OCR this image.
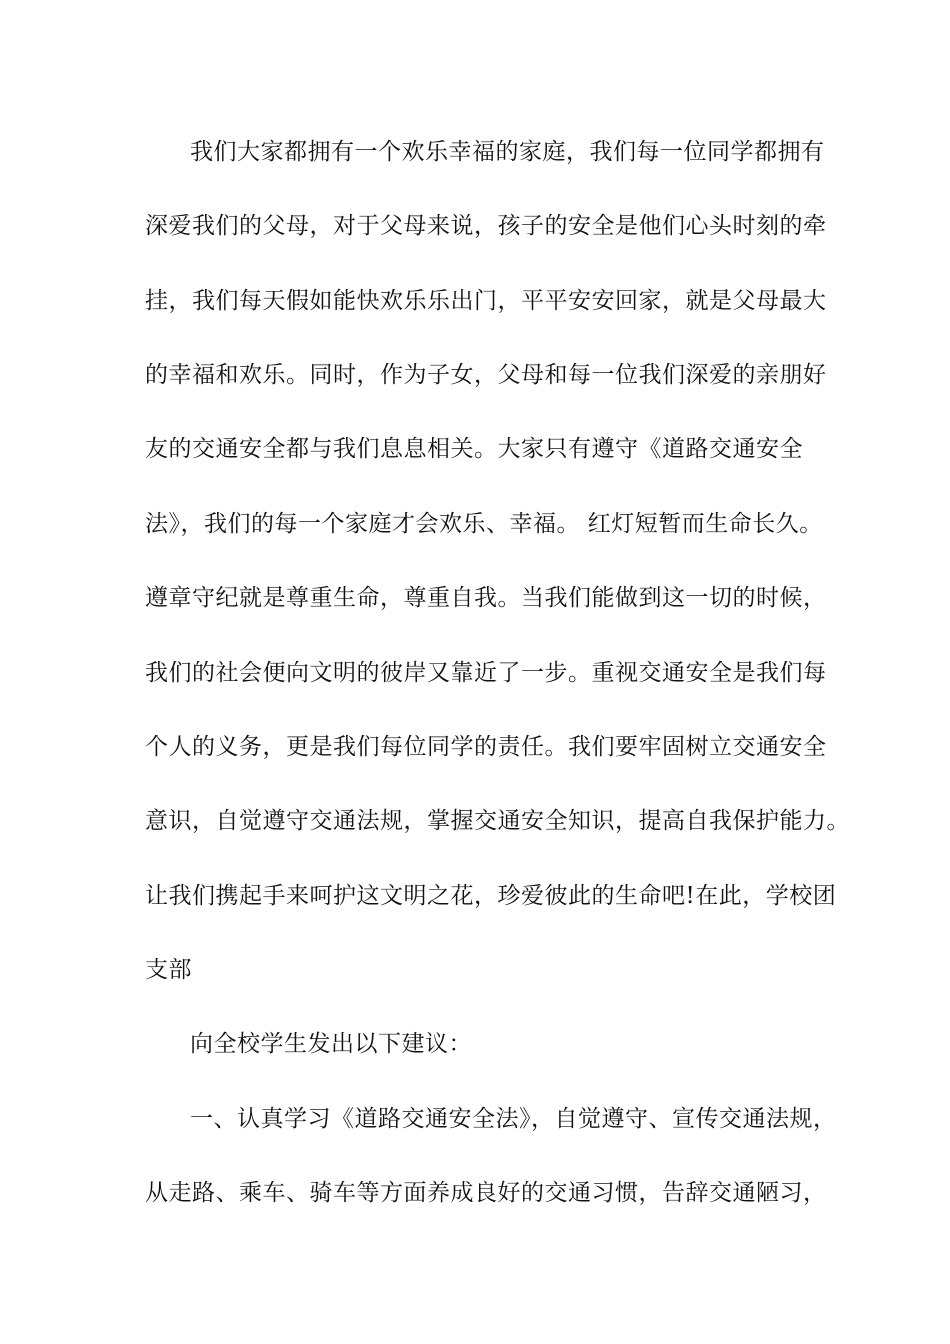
我们大家都拥有一个欢乐幸福的家庭，我们每一位同学都拥有
深爱我们的父母，对于父母来说，孩子的安全是他们心头时刻的牵
挂，我们每天假如能快欢乐乐出门，平平安安回家，就是父母最大
的幸福和欢乐。同时，作为子女，父母和每一位我们深爱的亲朋好
友的交通安全都与我们息息相关。大家只有遵守《道路交通安全
法》，我们的每一个家庭才会欢乐、幸福。 红灯短暂而生命长久。
遵章守纪就是尊重生命，尊重自我。当我们能做到这一切的时候，
我们的社会便向文明的彼岸又靠近了一步。重视交通安全是我们每
个人的义务，更是我们每位同学的责任。我们要牢固树立交通安全
意识，自觉遵守交通法规，掌握交通安全知识，提高自我保护能力。
让我们携起手来呵护这文明之花，珍爱彼此的生命吧!在此，学校团
支部
向全校学生发出以下建议：
一、认真学习《道路交通安全法》，自觉遵守、宣传交通法规，
从走路、乘车、骑车等方面养成良好的交通习惯，告辞交通陋习，
